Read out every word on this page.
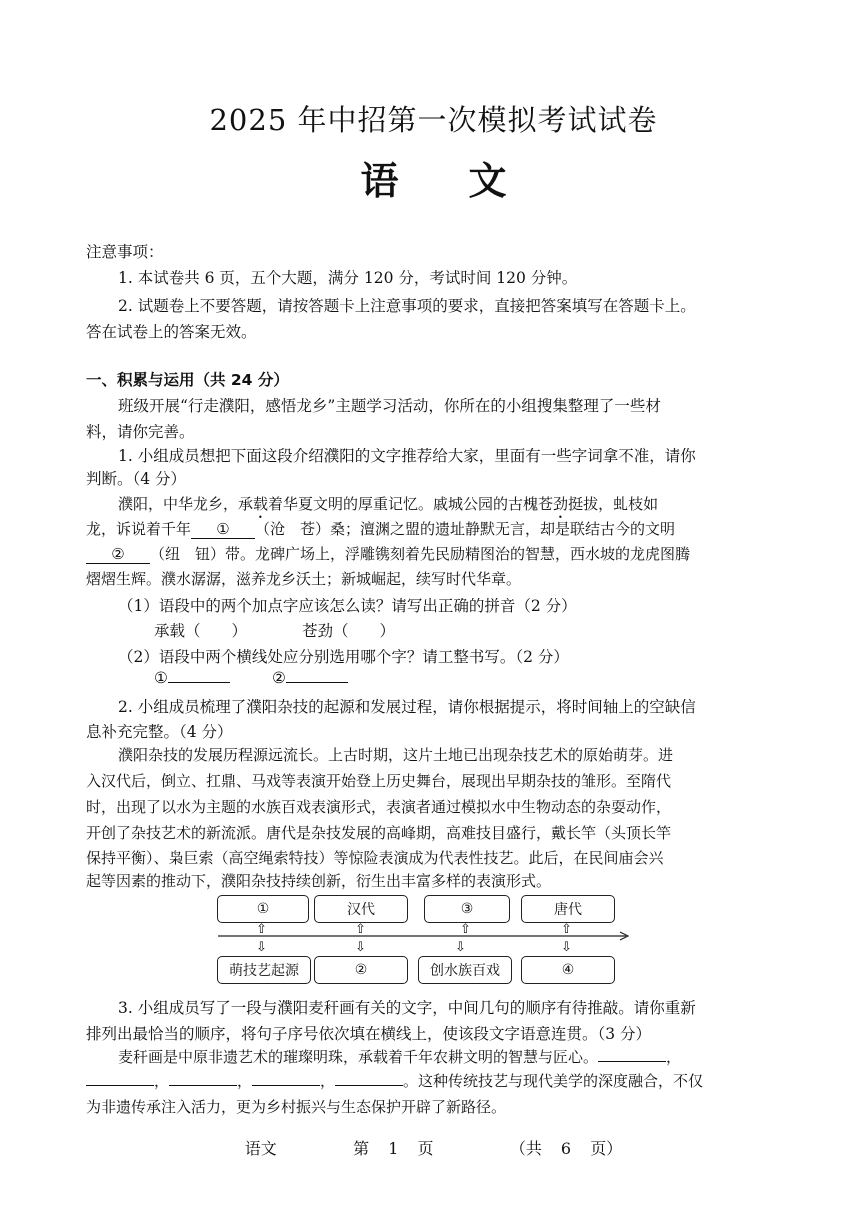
2025 年中招第一次模拟考试试卷
语文
注意事项：
1. 本试卷共 6 页，五个大题，满分 120 分，考试时间 120 分钟。
2. 试题卷上不要答题，请按答题卡上注意事项的要求，直接把答案填写在答题卡上。
答在试卷上的答案无效。
一、积累与运用（共 24 分）
班级开展“行走濮阳，感悟龙乡”主题学习活动，你所在的小组搜集整理了一些材
料，请你完善。
1. 小组成员想把下面这段介绍濮阳的文字推荐给大家，里面有一些字词拿不准，请你
判断。（4 分）
濮阳，中华龙乡，承载着华夏文明的厚重记忆。戚城公园的古槐苍劲挺拔，虬枝如
龙，诉说着千年 ① （沧　苍）桑；澶渊之盟的遗址静默无言，却是联结古今的文明
② （纽　钮）带。龙碑广场上，浮雕镌刻着先民励精图治的智慧，西水坡的龙虎图腾
熠熠生辉。濮水潺潺，滋养龙乡沃土；新城崛起，续写时代华章。
（1）语段中的两个加点字应该怎么读？请写出正确的拼音（2 分）
承载（　　）	苍劲（　　）
（2）语段中两个横线处应分别选用哪个字？请工整书写。（2 分）
①	②
2. 小组成员梳理了濮阳杂技的起源和发展过程，请你根据提示，将时间轴上的空缺信
息补充完整。（4 分）
濮阳杂技的发展历程源远流长。上古时期，这片土地已出现杂技艺术的原始萌芽。进
入汉代后，倒立、扛鼎、马戏等表演开始登上历史舞台，展现出早期杂技的雏形。至隋代
时，出现了以水为主题的水族百戏表演形式，表演者通过模拟水中生物动态的杂耍动作，
开创了杂技艺术的新流派。唐代是杂技发展的高峰期，高难技目盛行，戴长竿（头顶长竿
保持平衡）、枭巨索（高空绳索特技）等惊险表演成为代表性技艺。此后，在民间庙会兴
起等因素的推动下，濮阳杂技持续创新，衍生出丰富多样的表演形式。
①	汉代	③	唐代
⇧	⇧	⇧	⇧
⇩	⇩	⇩	⇩
萌技艺起源	②	创水族百戏	④
3. 小组成员写了一段与濮阳麦秆画有关的文字，中间几句的顺序有待推敲。请你重新
排列出最恰当的顺序，将句子序号依次填在横线上，使该段文字语意连贯。（3 分）
麦秆画是中原非遗艺术的璀璨明珠，承载着千年农耕文明的智慧与匠心。	，
，	，	，	。这种传统技艺与现代美学的深度融合，不仅
为非遗传承注入活力，更为乡村振兴与生态保护开辟了新路径。
语文	第 1 页	（共 6 页）
